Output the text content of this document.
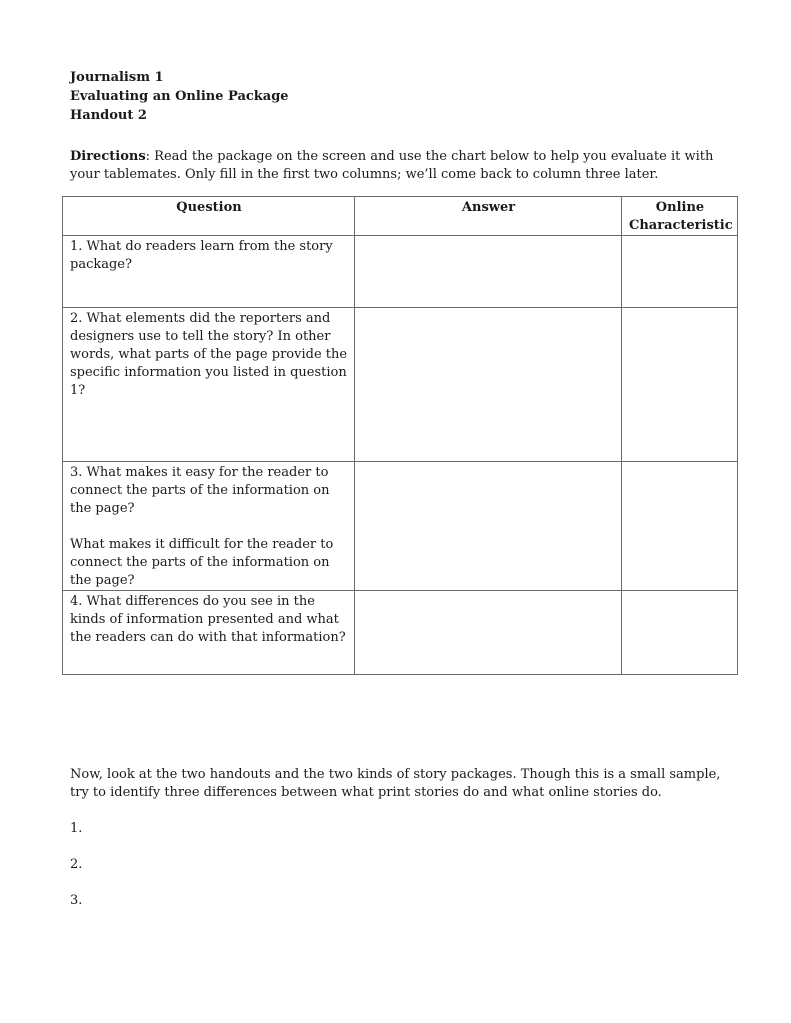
Journalism 1

Evaluating an Online Package

Handout 2

Directions: Read the package on the screen and use the chart below to help you evaluate it with your tablemates. Only fill in the first two columns; we’ll come back to column three later.
Question	Answer	Online
Characteristic

1. What do readers learn from the story package?		
2. What elements did the reporters and designers use to tell the story? In other words, what parts of the page provide the specific information you listed in question 1?		

3. What makes it easy for the reader to connect the parts of the information on the page?
What makes it difficult for the reader to connect the parts of the information on the page?		

4. What differences do you see in the kinds of information presented and what the readers can do with that information?		

Now, look at the two handouts and the two kinds of story packages. Though this is a small sample, try to identify three differences between what print stories do and what online stories do.

1.
2.
3.
